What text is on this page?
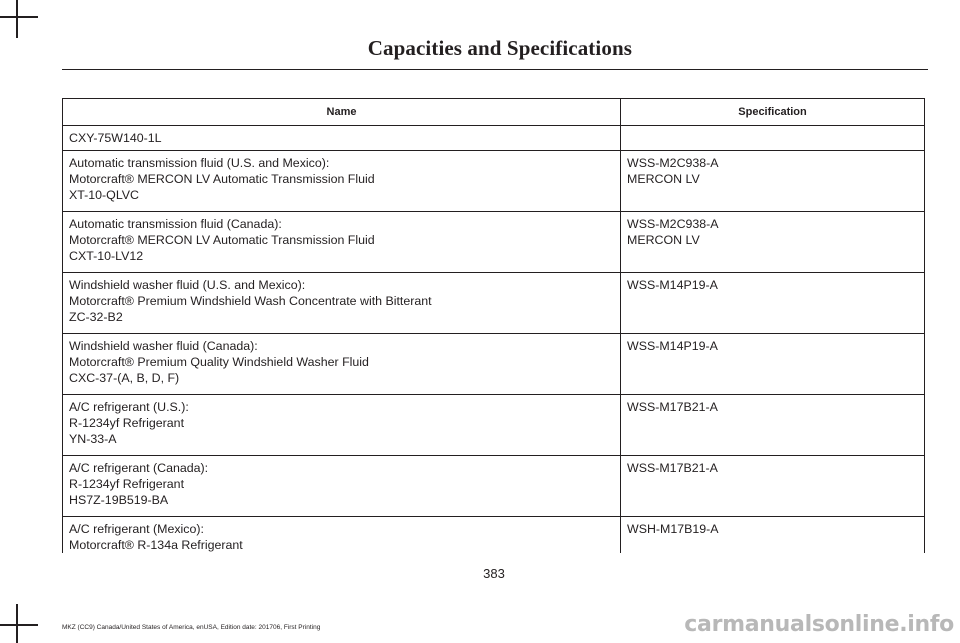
Capacities and Specifications
Name	Specification

CXY-75W140-1L	

Automatic transmission fluid (U.S. and Mexico):
Motorcraft® MERCON LV Automatic Transmission Fluid
XT-10-QLVC	WSS-M2C938-A
MERCON LV

Automatic transmission fluid (Canada):
Motorcraft® MERCON LV Automatic Transmission Fluid
CXT-10-LV12	WSS-M2C938-A
MERCON LV

Windshield washer fluid (U.S. and Mexico):
Motorcraft® Premium Windshield Wash Concentrate with Bitterant
ZC-32-B2	WSS-M14P19-A

Windshield washer fluid (Canada):
Motorcraft® Premium Quality Windshield Washer Fluid
CXC-37-(A, B, D, F)	WSS-M14P19-A

A/C refrigerant (U.S.):
R-1234yf Refrigerant
YN-33-A	WSS-M17B21-A

A/C refrigerant (Canada):
R-1234yf Refrigerant
HS7Z-19B519-BA	WSS-M17B21-A

A/C refrigerant (Mexico):
Motorcraft® R-134a Refrigerant	WSH-M17B19-A
383
MKZ (CC9) Canada/United States of America, enUSA, Edition date: 201706, First Printing	carmanualsonline.info
